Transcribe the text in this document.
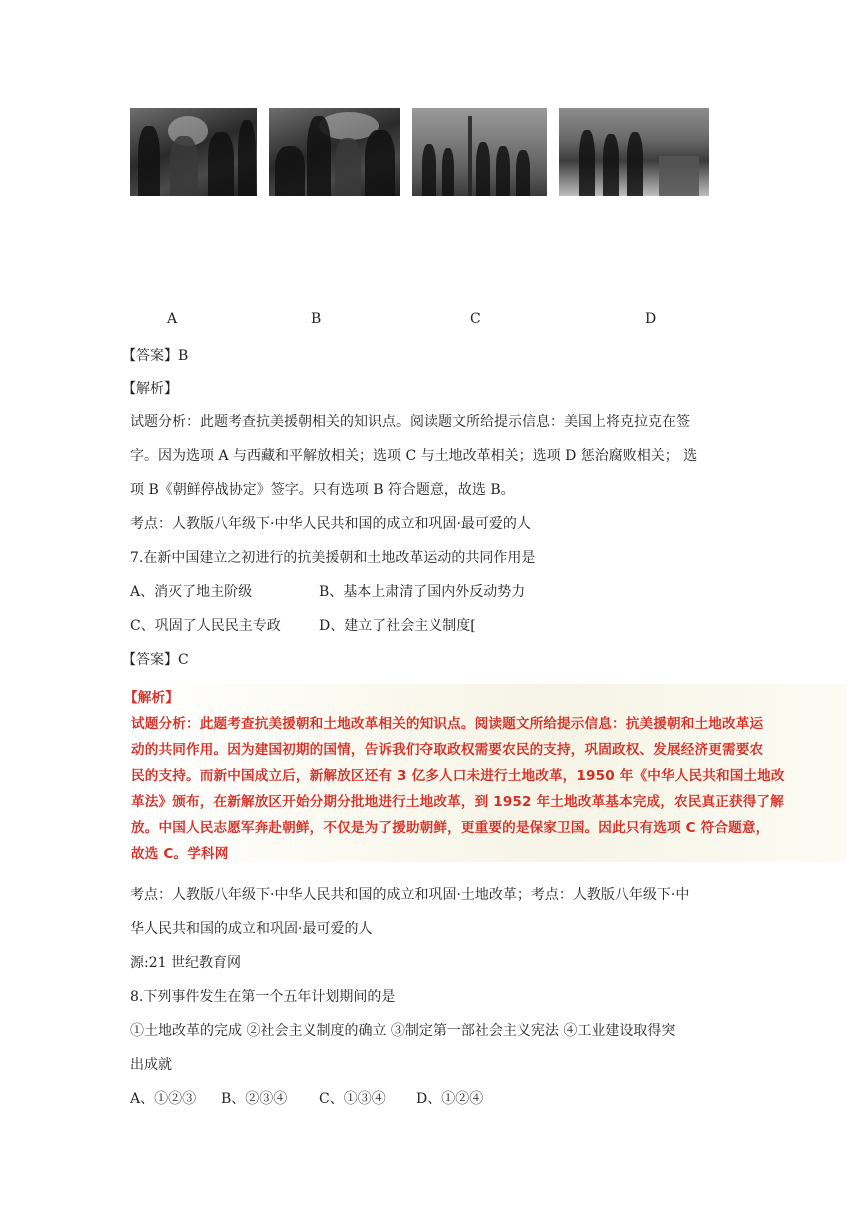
A	B	C	D
【答案】B
【解析】
试题分析：此题考查抗美援朝相关的知识点。阅读题文所给提示信息：美国上将克拉克在签
字。因为选项 A 与西藏和平解放相关；选项 C 与土地改革相关；选项 D 惩治腐败相关； 选
项 B《朝鲜停战协定》签字。只有选项 B 符合题意，故选 B。
考点：人教版八年级下·中华人民共和国的成立和巩固·最可爱的人
7.在新中国建立之初进行的抗美援朝和土地改革运动的共同作用是
A、消灭了地主阶级	B、基本上肃清了国内外反动势力
C、巩固了人民民主专政	D、建立了社会主义制度[
【答案】C
【解析】
试题分析：此题考查抗美援朝和土地改革相关的知识点。阅读题文所给提示信息：抗美援朝和土地改革运
动的共同作用。因为建国初期的国情，告诉我们夺取政权需要农民的支持，巩固政权、发展经济更需要农
民的支持。而新中国成立后，新解放区还有 3 亿多人口未进行土地改革，1950 年《中华人民共和国土地改
革法》颁布，在新解放区开始分期分批地进行土地改革，到 1952 年土地改革基本完成，农民真正获得了解
放。中国人民志愿军奔赴朝鲜，不仅是为了援助朝鲜，更重要的是保家卫国。因此只有选项 C 符合题意，
故选 C。学科网
考点：人教版八年级下·中华人民共和国的成立和巩固·土地改革；考点：人教版八年级下·中
华人民共和国的成立和巩固·最可爱的人
源:21 世纪教育网
8.下列事件发生在第一个五年计划期间的是
①土地改革的完成 ②社会主义制度的确立 ③制定第一部社会主义宪法 ④工业建设取得突
出成就
A、①②③ B、②③④ C、①③④ D、①②④
